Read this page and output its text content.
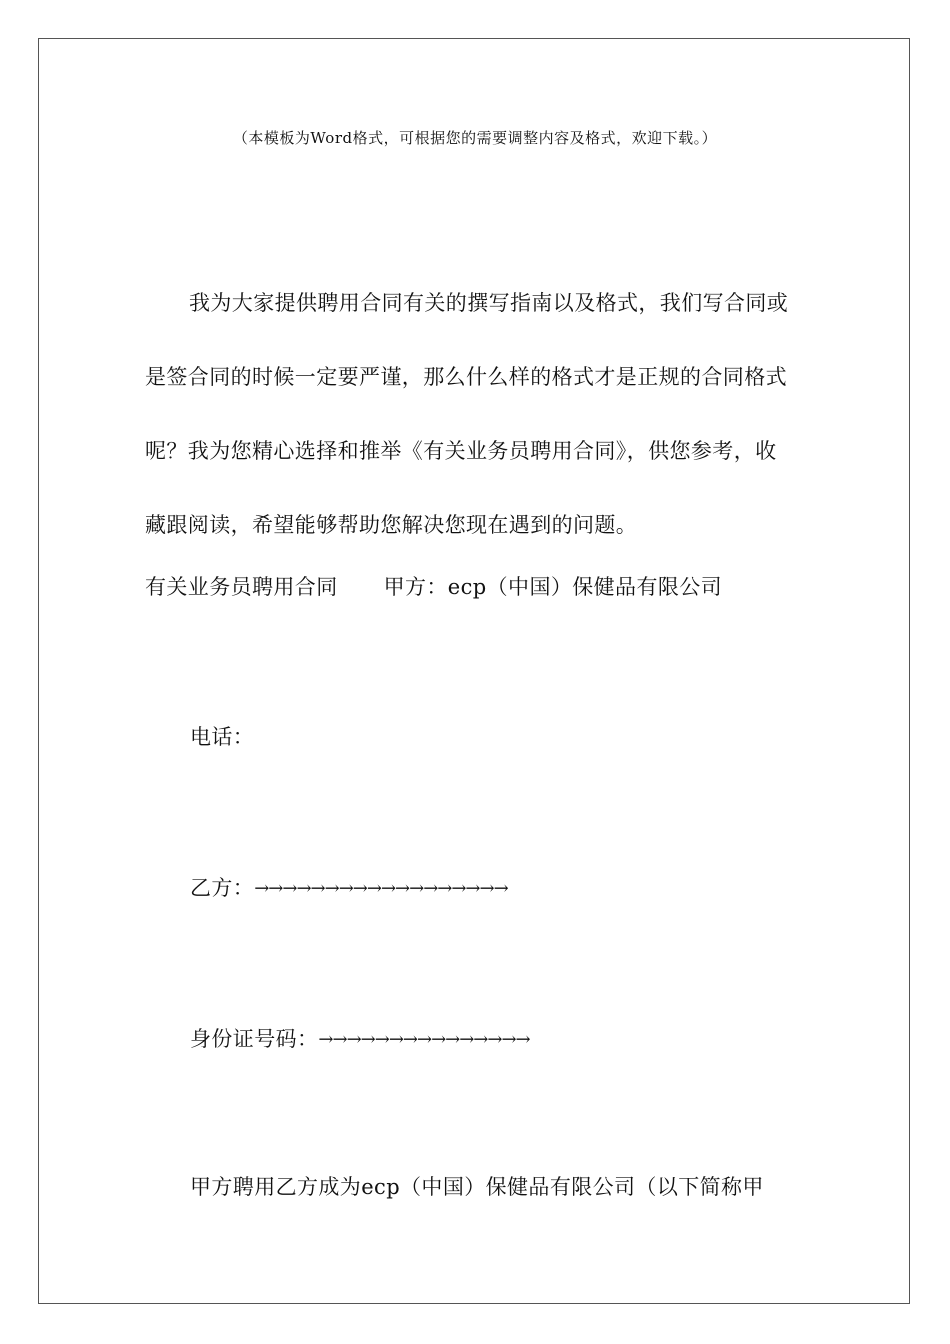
（本模板为Word格式，可根据您的需要调整内容及格式，欢迎下载。）

我为大家提供聘用合同有关的撰写指南以及格式，我们写合同或是签合同的时候一定要严谨，那么什么样的格式才是正规的合同格式呢？我为您精心选择和推举《有关业务员聘用合同》，供您参考，收藏跟阅读，希望能够帮助您解决您现在遇到的问题。

有关业务员聘用合同 甲方：ecp（中国）保健品有限公司
电话：
乙方：→→→→→→→→→→→→→→→→→→
身份证号码：→→→→→→→→→→→→→→→
甲方聘用乙方成为ecp（中国）保健品有限公司（以下简称甲
